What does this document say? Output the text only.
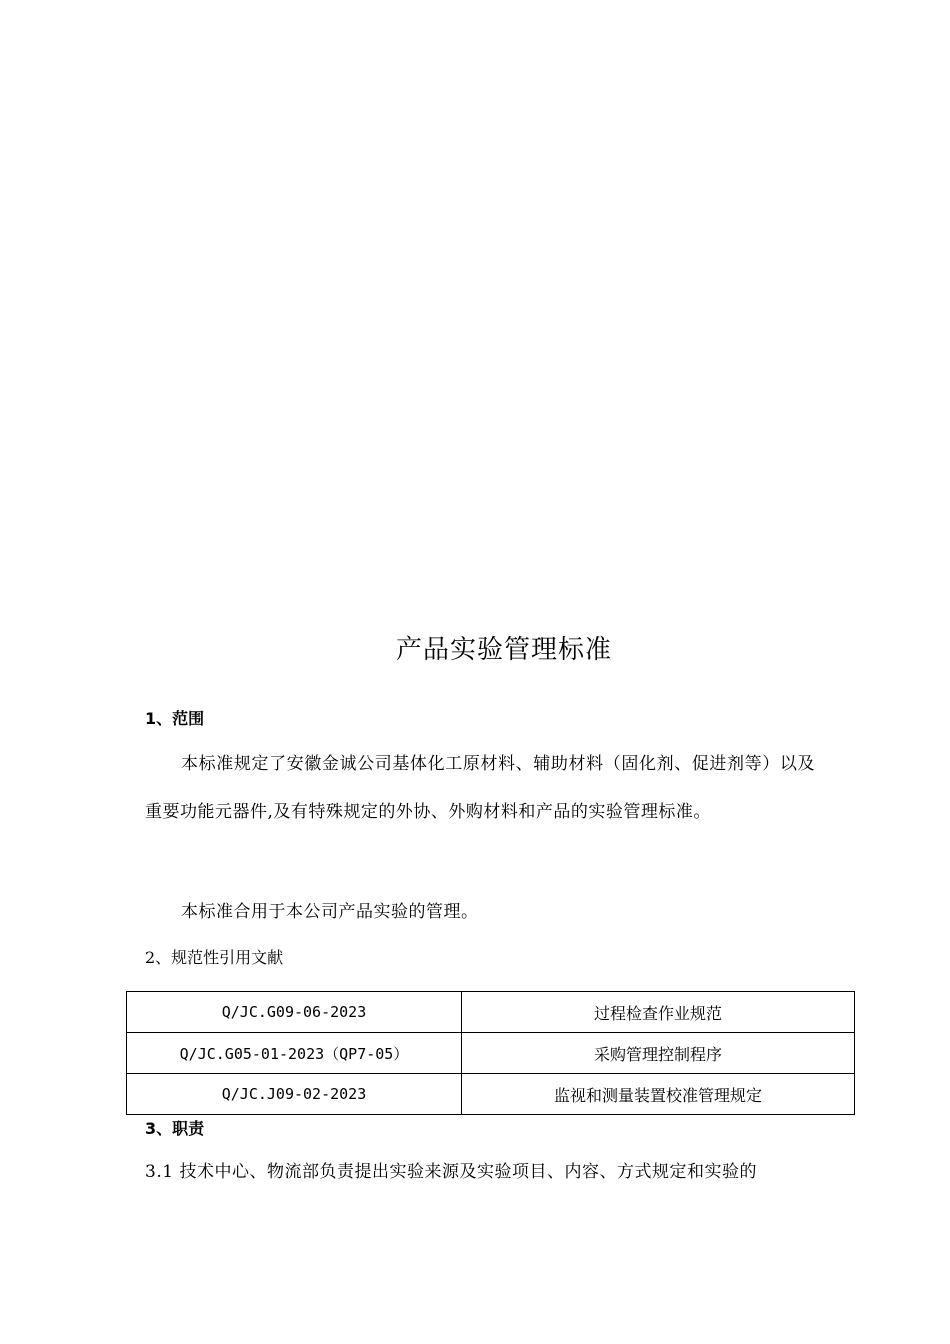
产品实验管理标准
1、范围
本标准规定了安徽金诚公司基体化工原材料、辅助材料（固化剂、促进剂等）以及重要功能元器件,及有特殊规定的外协、外购材料和产品的实验管理标准。
本标准合用于本公司产品实验的管理。
2、规范性引用文献
Q/JC.G09-06-2023	过程检查作业规范
Q/JC.G05-01-2023（QP7-05）	采购管理控制程序
Q/JC.J09-02-2023	监视和测量装置校准管理规定
3、职责
3.1 技术中心、物流部负责提出实验来源及实验项目、内容、方式规定和实验的
